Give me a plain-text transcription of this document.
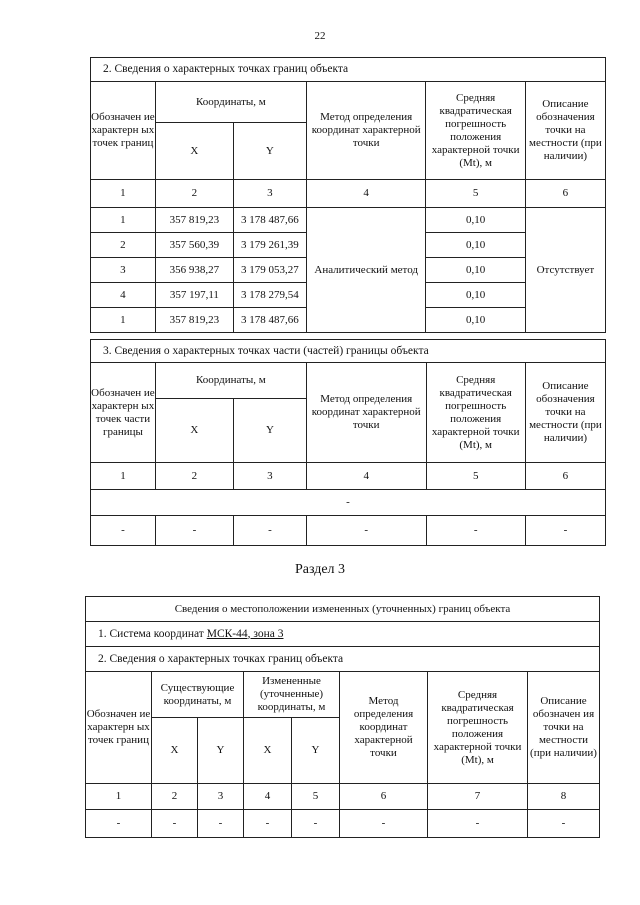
22
2. Сведения о характерных точках границ объекта					
Обозначен ие характерн ых точек границ	Координаты, м		Метод определения координат характерной точки	Средняя квадратическая погрешность положения характерной точки (Mt), м	Описание обозначения точки на местности (при наличии)
	X	Y			
1	2	3	4	5	6
1	357 819,23	3 178 487,66	Аналитический метод	0,10	Отсутствует
2	357 560,39	3 179 261,39		0,10	
3	356 938,27	3 179 053,27		0,10	
4	357 197,11	3 178 279,54		0,10	
1	357 819,23	3 178 487,66		0,10	
3. Сведения о характерных точках части (частей) границы объекта					
Обозначен ие характерн ых точек части границы	Координаты, м		Метод определения координат характерной точки	Средняя квадратическая погрешность положения характерной точки (Mt), м	Описание обозначения точки на местности (при наличии)
	X	Y			
1	2	3	4	5	6
-					
-	-	-	-	-	-
Раздел 3
Сведения о местоположении измененных (уточненных) границ объекта							
1. Система координат МСК-44, зона 3							
2. Сведения о характерных точках границ объекта							
Обозначен ие характерн ых точек границ	Существующие координаты, м		Измененные (уточненные) координаты, м		Метод определения координат характерной точки	Средняя квадратическая погрешность положения характерной точки (Mt), м	Описание обозначен ия точки на местности (при наличии)
	X	Y	X	Y			
1	2	3	4	5	6	7	8
-	-	-	-	-	-	-	-
